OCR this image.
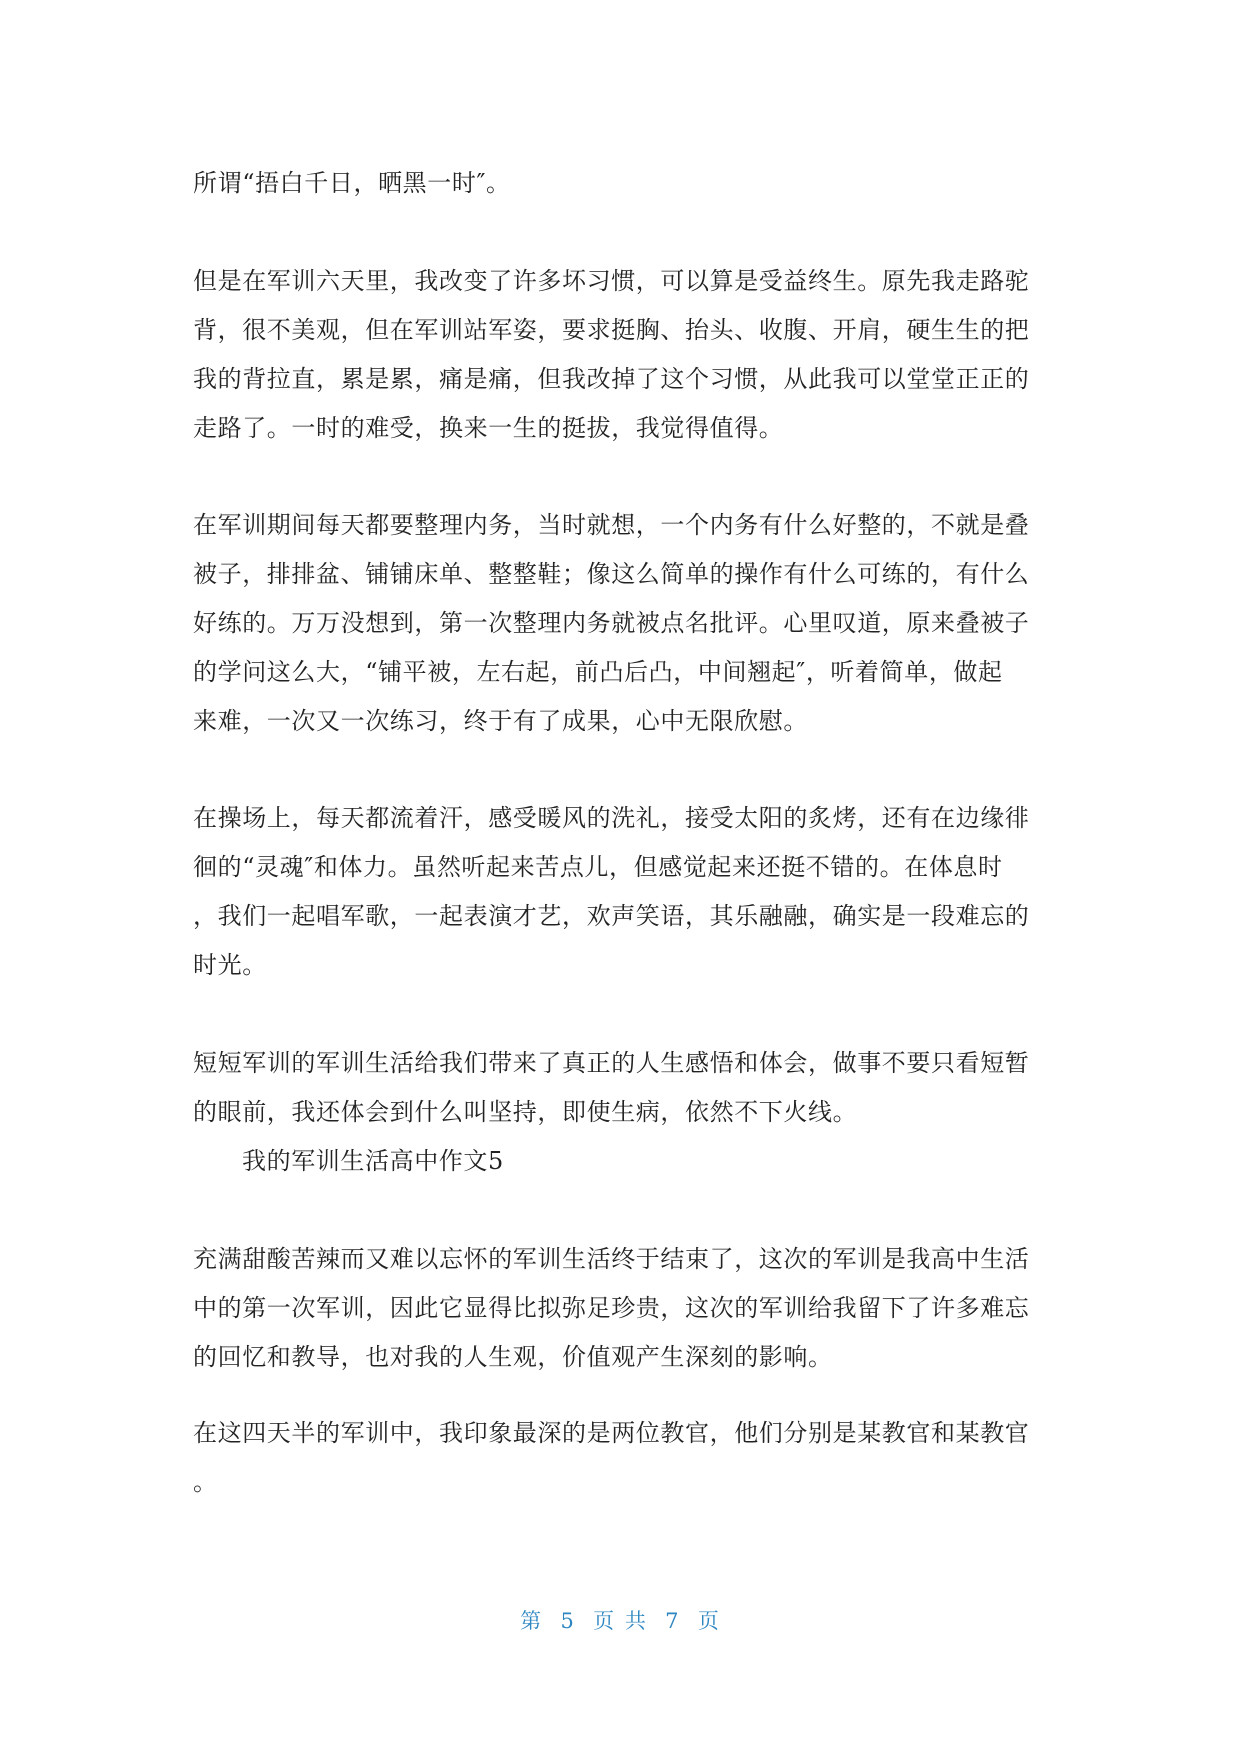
所谓“捂白千日，晒黑一时″。

但是在军训六天里，我改变了许多坏习惯，可以算是受益终生。原先我走路驼
背，很不美观，但在军训站军姿，要求挺胸、抬头、收腹、开肩，硬生生的把
我的背拉直，累是累，痛是痛，但我改掉了这个习惯，从此我可以堂堂正正的
走路了。一时的难受，换来一生的挺拔，我觉得值得。

在军训期间每天都要整理内务，当时就想，一个内务有什么好整的，不就是叠
被子，排排盆、铺铺床单、整整鞋；像这么简单的操作有什么可练的，有什么
好练的。万万没想到，第一次整理内务就被点名批评。心里叹道，原来叠被子
的学问这么大，“铺平被，左右起，前凸后凸，中间翘起″，听着简单，做起
来难，一次又一次练习，终于有了成果，心中无限欣慰。

在操场上，每天都流着汗，感受暖风的洗礼，接受太阳的炙烤，还有在边缘徘
徊的“灵魂″和体力。虽然听起来苦点儿，但感觉起来还挺不错的。在体息时
，我们一起唱军歌，一起表演才艺，欢声笑语，其乐融融，确实是一段难忘的
时光。

短短军训的军训生活给我们带来了真正的人生感悟和体会，做事不要只看短暂
的眼前，我还体会到什么叫坚持，即使生病，依然不下火线。

我的军训生活高中作文5

充满甜酸苦辣而又难以忘怀的军训生活终于结束了，这次的军训是我高中生活
中的第一次军训，因此它显得比拟弥足珍贵，这次的军训给我留下了许多难忘
的回忆和教导，也对我的人生观，价值观产生深刻的影响。

在这四天半的军训中，我印象最深的是两位教官，他们分别是某教官和某教官
。

第  5  页 共  7  页
